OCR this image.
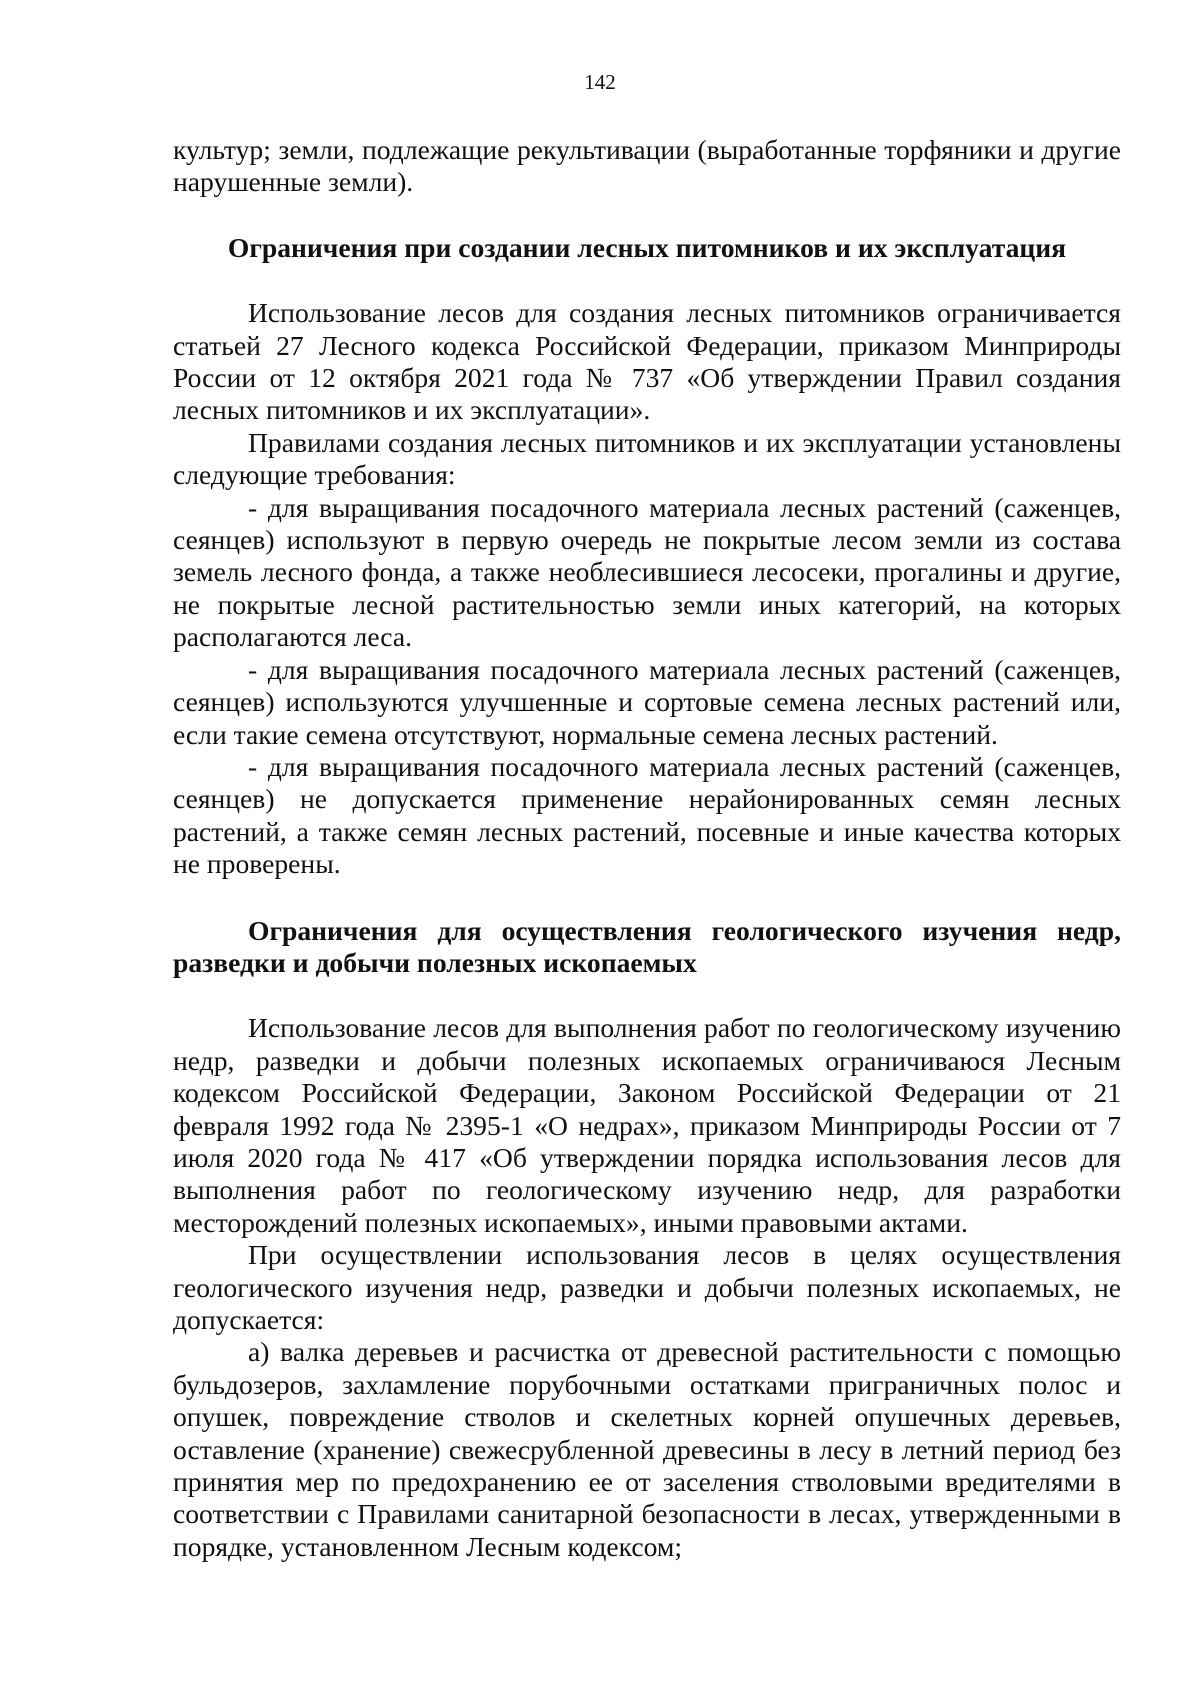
142

культур; земли, подлежащие рекультивации (выработанные торфяники и другие нарушенные земли).

Ограничения при создании лесных питомников и их эксплуатация

Использование лесов для создания лесных питомников ограничивается статьей 27 Лесного кодекса Российской Федерации, приказом Минприроды России от 12 октября 2021 года № 737 «Об утверждении Правил создания лесных питомников и их эксплуатации».

Правилами создания лесных питомников и их эксплуатации установлены следующие требования:

- для выращивания посадочного материала лесных растений (саженцев, сеянцев) используют в первую очередь не покрытые лесом земли из состава земель лесного фонда, а также необлесившиеся лесосеки, прогалины и другие, не покрытые лесной растительностью земли иных категорий, на которых располагаются леса.

- для выращивания посадочного материала лесных растений (саженцев, сеянцев) используются улучшенные и сортовые семена лесных растений или, если такие семена отсутствуют, нормальные семена лесных растений.

- для выращивания посадочного материала лесных растений (саженцев, сеянцев) не допускается применение нерайонированных семян лесных растений, а также семян лесных растений, посевные и иные качества которых не проверены.

Ограничения для осуществления геологического изучения недр, разведки и добычи полезных ископаемых

Использование лесов для выполнения работ по геологическому изучению недр, разведки и добычи полезных ископаемых ограничиваюся Лесным кодексом Российской Федерации, Законом Российской Федерации от 21 февраля 1992 года № 2395-1 «О недрах», приказом Минприроды России от 7 июля 2020 года № 417 «Об утверждении порядка использования лесов для выполнения работ по геологическому изучению недр, для разработки месторождений полезных ископаемых», иными правовыми актами.

При осуществлении использования лесов в целях осуществления геологического изучения недр, разведки и добычи полезных ископаемых, не допускается:

а) валка деревьев и расчистка от древесной растительности с помощью бульдозеров, захламление порубочными остатками приграничных полос и опушек, повреждение стволов и скелетных корней опушечных деревьев, оставление (хранение) свежесрубленной древесины в лесу в летний период без принятия мер по предохранению ее от заселения стволовыми вредителями в соответствии с Правилами санитарной безопасности в лесах, утвержденными в порядке, установленном Лесным кодексом;
